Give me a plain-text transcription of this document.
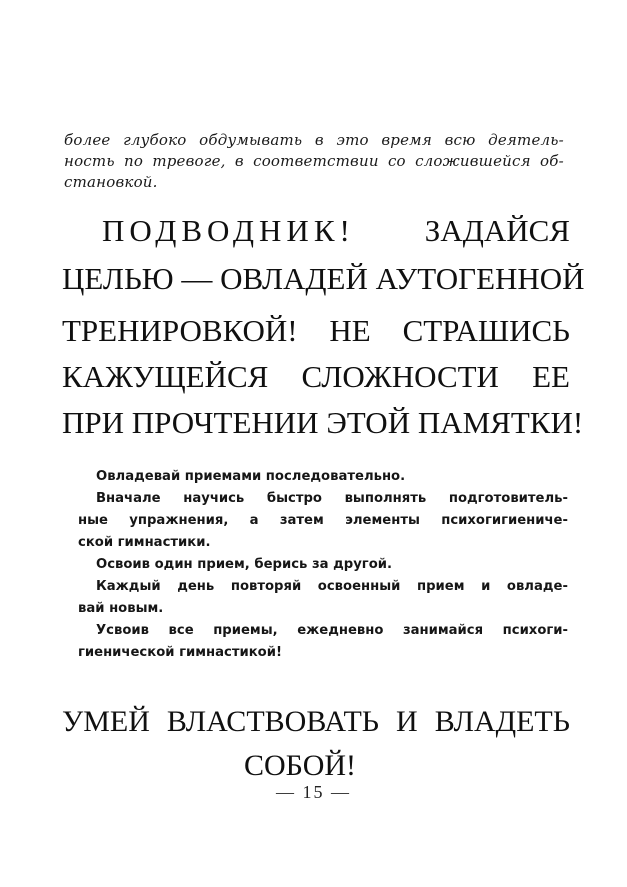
более глубоко обдумывать в это время всю деятель-
ность по тревоге, в соответствии со сложившейся об-
становкой.
ПОДВОДНИК! ЗАДАЙСЯ
ЦЕЛЬЮ — ОВЛАДЕЙ АУТОГЕННОЙ
ТРЕНИРОВКОЙ! НЕ СТРАШИСЬ
КАЖУЩЕЙСЯ СЛОЖНОСТИ ЕЕ
ПРИ ПРОЧТЕНИИ ЭТОЙ ПАМЯТКИ!
Овладевай приемами последовательно.
Вначале научись быстро выполнять подготовитель-
ные упражнения, а затем элементы психогигиениче-
ской гимнастики.
Освоив один прием, берись за другой.
Каждый день повторяй освоенный прием и овладе-
вай новым.
Усвоив все приемы, ежедневно занимайся психоги-
гиенической гимнастикой!
УМЕЙ ВЛАСТВОВАТЬ И ВЛАДЕТЬ
СОБОЙ!
— 15 —
